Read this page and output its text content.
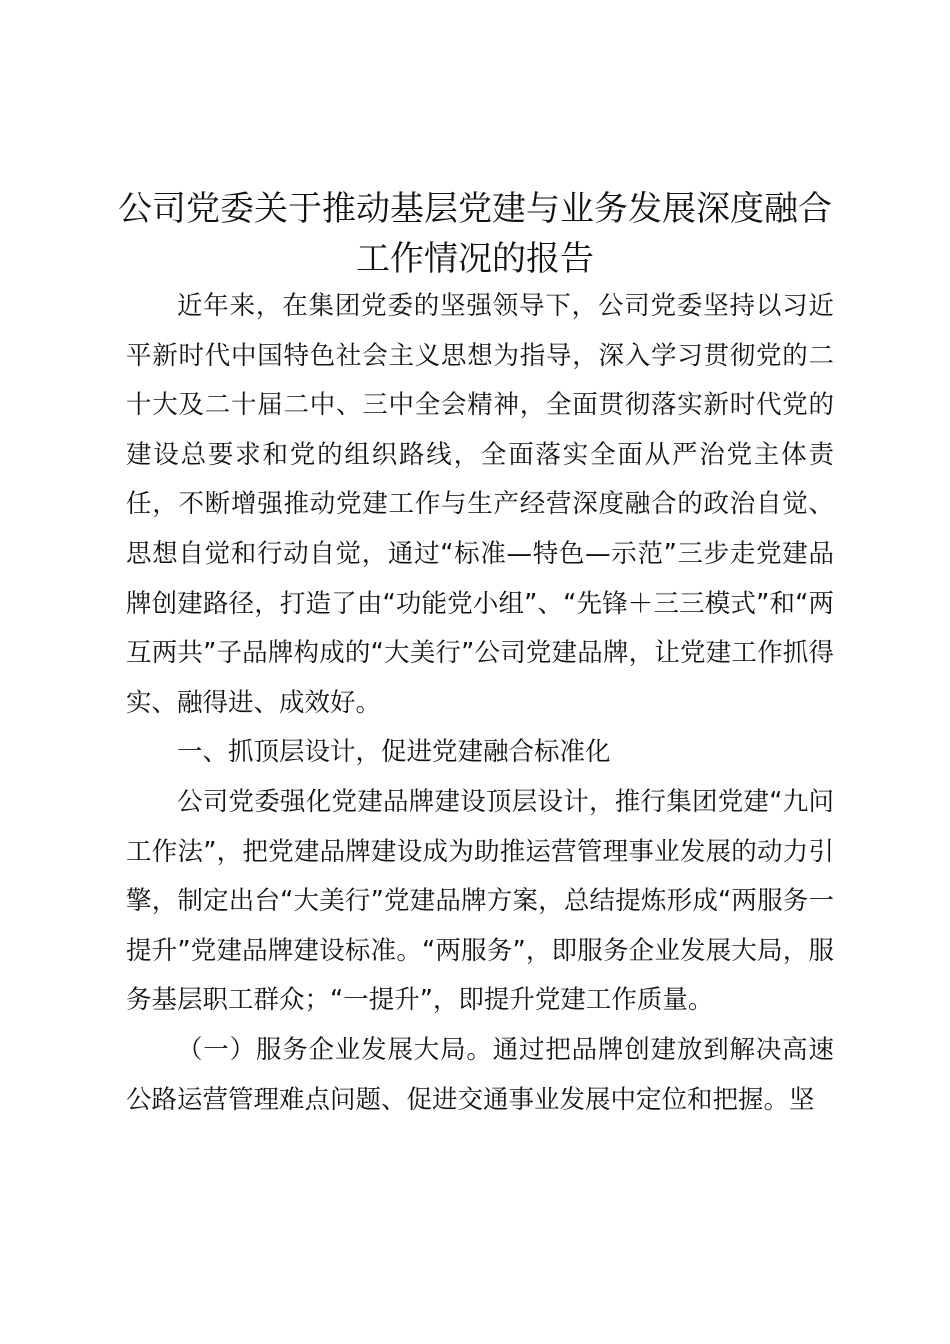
公司党委关于推动基层党建与业务发展深度融合工作情况的报告

近年来，在集团党委的坚强领导下，公司党委坚持以习近平新时代中国特色社会主义思想为指导，深入学习贯彻党的二十大及二十届二中、三中全会精神，全面贯彻落实新时代党的建设总要求和党的组织路线，全面落实全面从严治党主体责任，不断增强推动党建工作与生产经营深度融合的政治自觉、思想自觉和行动自觉，通过“标准—特色—示范”三步走党建品牌创建路径，打造了由“功能党小组”、“先锋＋三三模式”和“两互两共”子品牌构成的“大美行”公司党建品牌，让党建工作抓得实、融得进、成效好。

一、抓顶层设计，促进党建融合标准化

公司党委强化党建品牌建设顶层设计，推行集团党建“九问工作法”，把党建品牌建设成为助推运营管理事业发展的动力引擎，制定出台“大美行”党建品牌方案，总结提炼形成“两服务一提升”党建品牌建设标准。“两服务”，即服务企业发展大局，服务基层职工群众；“一提升”，即提升党建工作质量。

（一）服务企业发展大局。通过把品牌创建放到解决高速公路运营管理难点问题、促进交通事业发展中定位和把握。坚
